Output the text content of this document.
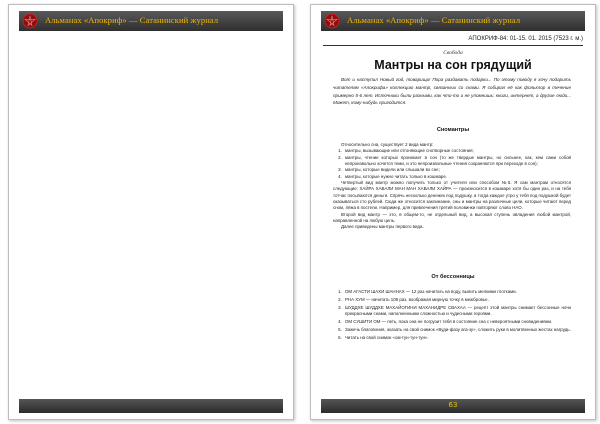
Альманах «Апокриф» — Сатанинский журнал	Альманах «Апокриф» — Сатанинский журнал
АПОКРИФ-84: 01-15. 01. 2015 (7523 г. м.)
Свобода
Мантры на сон грядущий
Вот и наступил Новый год, товарищи! Пора раздавать подарки... По этому поводу я хочу подарить читателям «Апокрифа» коллекцию мантр, связанных со снами. Я собирал её как фольклор в течение примерно 5-6 лет. Источники были разными, как что-то и не упомнишь: книги, интернет, а другие люди... Может, кому-нибудь пригодится.
Сномантры

Относительно сна, существует 2 вида мантр:

1. мантры, вызывающие или отгоняющие снотворные состояния;
2. мантры, чтение которых проникает в сон (то же твердые мантры, но сильнее, как, кем сами собой непроизвольно хочется теми, и это непроизвольные чтения сохраняются при переходе в сон);
3. мантры, которые видели или слышали во сне;
4. мантры, которые нужно читать только в кошмаре.

Четвертый вид мантр можно получить только от учителя или способом №5. Я сам мантрам относятся следующие: ХАЙРА ХАВАЛИ МАН МАН ХАВАЛИ ХАЙРА — произносится в кошмаре хотя бы один раз, и на тебя тотчас посыпаются деньги. Спрячь несколько денежек под подушку, а тогда каждое утро у тебя под подушкой будет оказываться сто рублей. Сюда же относится заклинание, сны и мантры на различные цели, которые читают перед сном, лёжа в постели. Например, для привлечения третий половинки повторяют слово НАО.

Второй вид мантр — это, в общем-то, не отдельный вид, а высокая ступень овладения любой мантрой, направленной на любую цель.

Далее приведены мантры первого вида.

От бессонницы
1. ОМ АГАСТИ ШАХИ ШАННАХ — 12 раз начитать на воду, выпить мелкими глотками.
2. РНА ХУМ — начитать 108 раз, воображая мирную точку в межбровье.
3. ШУДДХЕ ШУДДХЕ МАХАЙОГИНИ МАХАНИДРЕ СВАХАА — рецепт этой мантры снимает бессонные ночи прекрасными снами, наполненными сложностью и чудесными героями.
4. ОМ СУШИТИ ОМ — петь, пока она не погрузит тебя в состояние сна с невероятными сновидениями.
5. Зажечь благовония, оказать на свой снимок «Вуди-фазу ага-зу», сложить руки в молитвенных жестах нагрудь.
6. Читать на свой снимок «ом-тун-тун-тун».
63
